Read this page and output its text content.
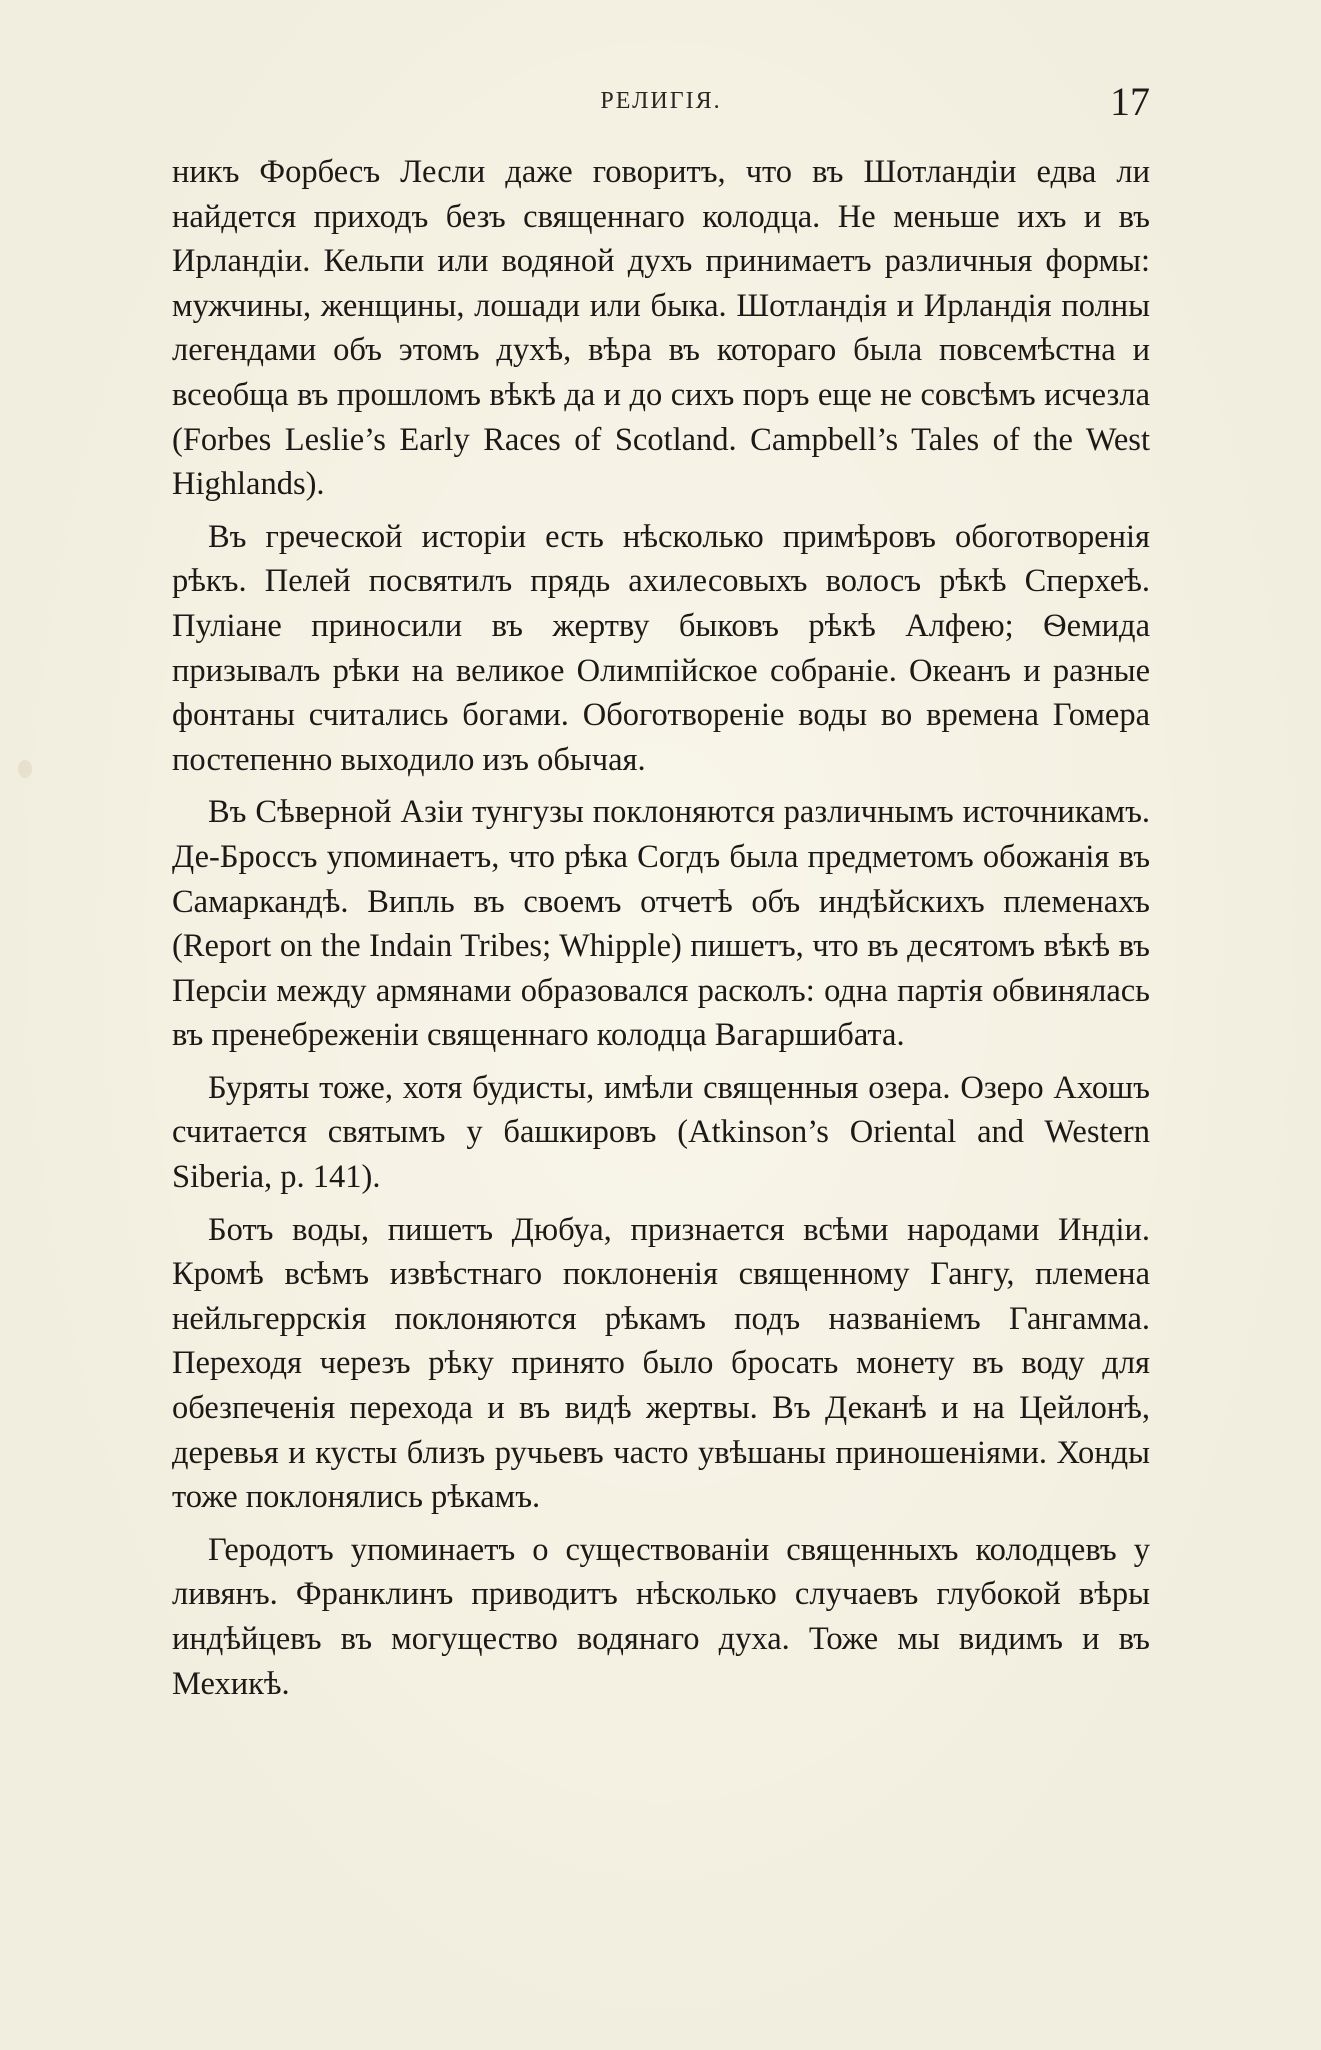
РЕЛИГІЯ.	17

никъ Форбесъ Лесли даже говоритъ, что въ Шотландіи едва ли найдется приходъ безъ священнаго колодца. Не меньше ихъ и въ Ирландіи. Кельпи или водяной духъ принимаетъ различныя формы: мужчины, женщины, лошади или быка. Шотландія и Ирландія полны легендами объ этомъ духѣ, вѣра въ котораго была повсемѣстна и всеобща въ прошломъ вѣкѣ да и до сихъ поръ еще не совсѣмъ исчезла (Forbes Leslie’s Early Races of Scotland. Campbell’s Tales of the West Highlands).

Въ греческой исторіи есть нѣсколько примѣровъ обоготворенія рѣкъ. Пелей посвятилъ прядь ахилесовыхъ волосъ рѣкѣ Сперхеѣ. Пуліане приносили въ жертву быковъ рѣкѣ Алфею; Ѳемида призывалъ рѣки на великое Олимпійское собраніе. Океанъ и разные фонтаны считались богами. Обоготвореніе воды во времена Гомера постепенно выходило изъ обычая.

Въ Сѣверной Азіи тунгузы поклоняются различнымъ источникамъ. Де-Броссъ упоминаетъ, что рѣка Согдъ была предметомъ обожанія въ Самаркандѣ. Випль въ своемъ отчетѣ объ индѣйскихъ племенахъ (Report on the Indain Tribes; Whipple) пишетъ, что въ десятомъ вѣкѣ въ Персіи между армянами образовался расколъ: одна партія обвинялась въ пренебреженіи священнаго колодца Вагаршибата.

Буряты тоже, хотя будисты, имѣли священныя озера. Озеро Ахошъ считается святымъ у башкировъ (Atkinson’s Oriental and Western Siberia, p. 141).

Ботъ воды, пишетъ Дюбуа, признается всѣми народами Индіи. Кромѣ всѣмъ извѣстнаго поклоненія священному Гангу, племена нейльгеррскія поклоняются рѣкамъ подъ названіемъ Гангамма. Переходя черезъ рѣку принято было бросать монету въ воду для обезпеченія перехода и въ видѣ жертвы. Въ Деканѣ и на Цейлонѣ, деревья и кусты близъ ручьевъ часто увѣшаны приношеніями. Хонды тоже поклонялись рѣкамъ.

Геродотъ упоминаетъ о существованіи священныхъ колодцевъ у ливянъ. Франклинъ приводитъ нѣсколько случаевъ глубокой вѣры индѣйцевъ въ могущество водянаго духа. Тоже мы видимъ и въ Мехикѣ.
